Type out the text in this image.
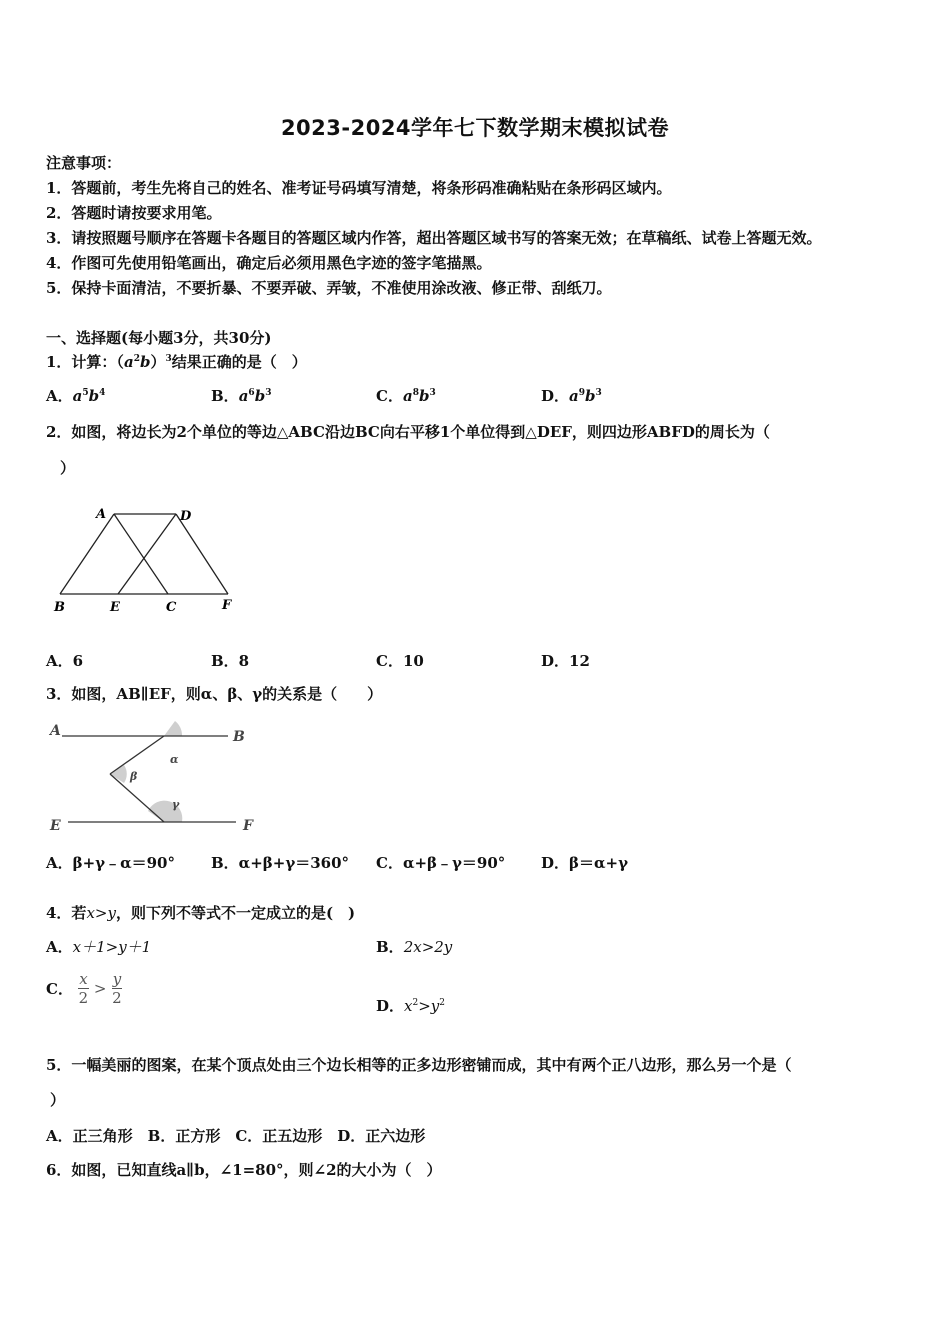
2023-2024学年七下数学期末模拟试卷
注意事项：
1．答题前，考生先将自己的姓名、准考证号码填写清楚，将条形码准确粘贴在条形码区域内。
2．答题时请按要求用笔。
3．请按照题号顺序在答题卡各题目的答题区域内作答，超出答题区域书写的答案无效；在草稿纸、试卷上答题无效。
4．作图可先使用铅笔画出，确定后必须用黑色字迹的签字笔描黑。
5．保持卡面清洁，不要折暴、不要弄破、弄皱，不准使用涂改液、修正带、刮纸刀。
一、选择题(每小题3分，共30分)
1．计算：$(a^2b)^3$结果正确的是（　）
A．$a^5b^4$	B．$a^6b^3$	C．$a^8b^3$	D．$a^9b^3$
2．如图，将边长为2个单位的等边△ABC沿边BC向右平移1个单位得到△DEF，则四边形ABFD的周长为（
）
A	D
B	E	C	F
A．6	B．8	C．10	D．12
3．如图，AB∥EF，则α、β、γ的关系是（　　）
A	B
E	F
α
β
γ
A．β+γ﹣α＝90° B．α+β+γ＝360° C．α+β﹣γ＝90° D．β＝α+γ
4．若x>y，则下列不等式不一定成立的是(　)
A．x＋1>y＋1	B．2x>2y
C． $\frac{x}{2} > \frac{y}{2}$	D．$x^2>y^2$
5．一幅美丽的图案，在某个顶点处由三个边长相等的正多边形密铺而成，其中有两个正八边形，那么另一个是（
）
A．正三角形　B．正方形　C．正五边形　D．正六边形
6．如图，已知直线a∥b，∠1=80°，则∠2的大小为（　）
